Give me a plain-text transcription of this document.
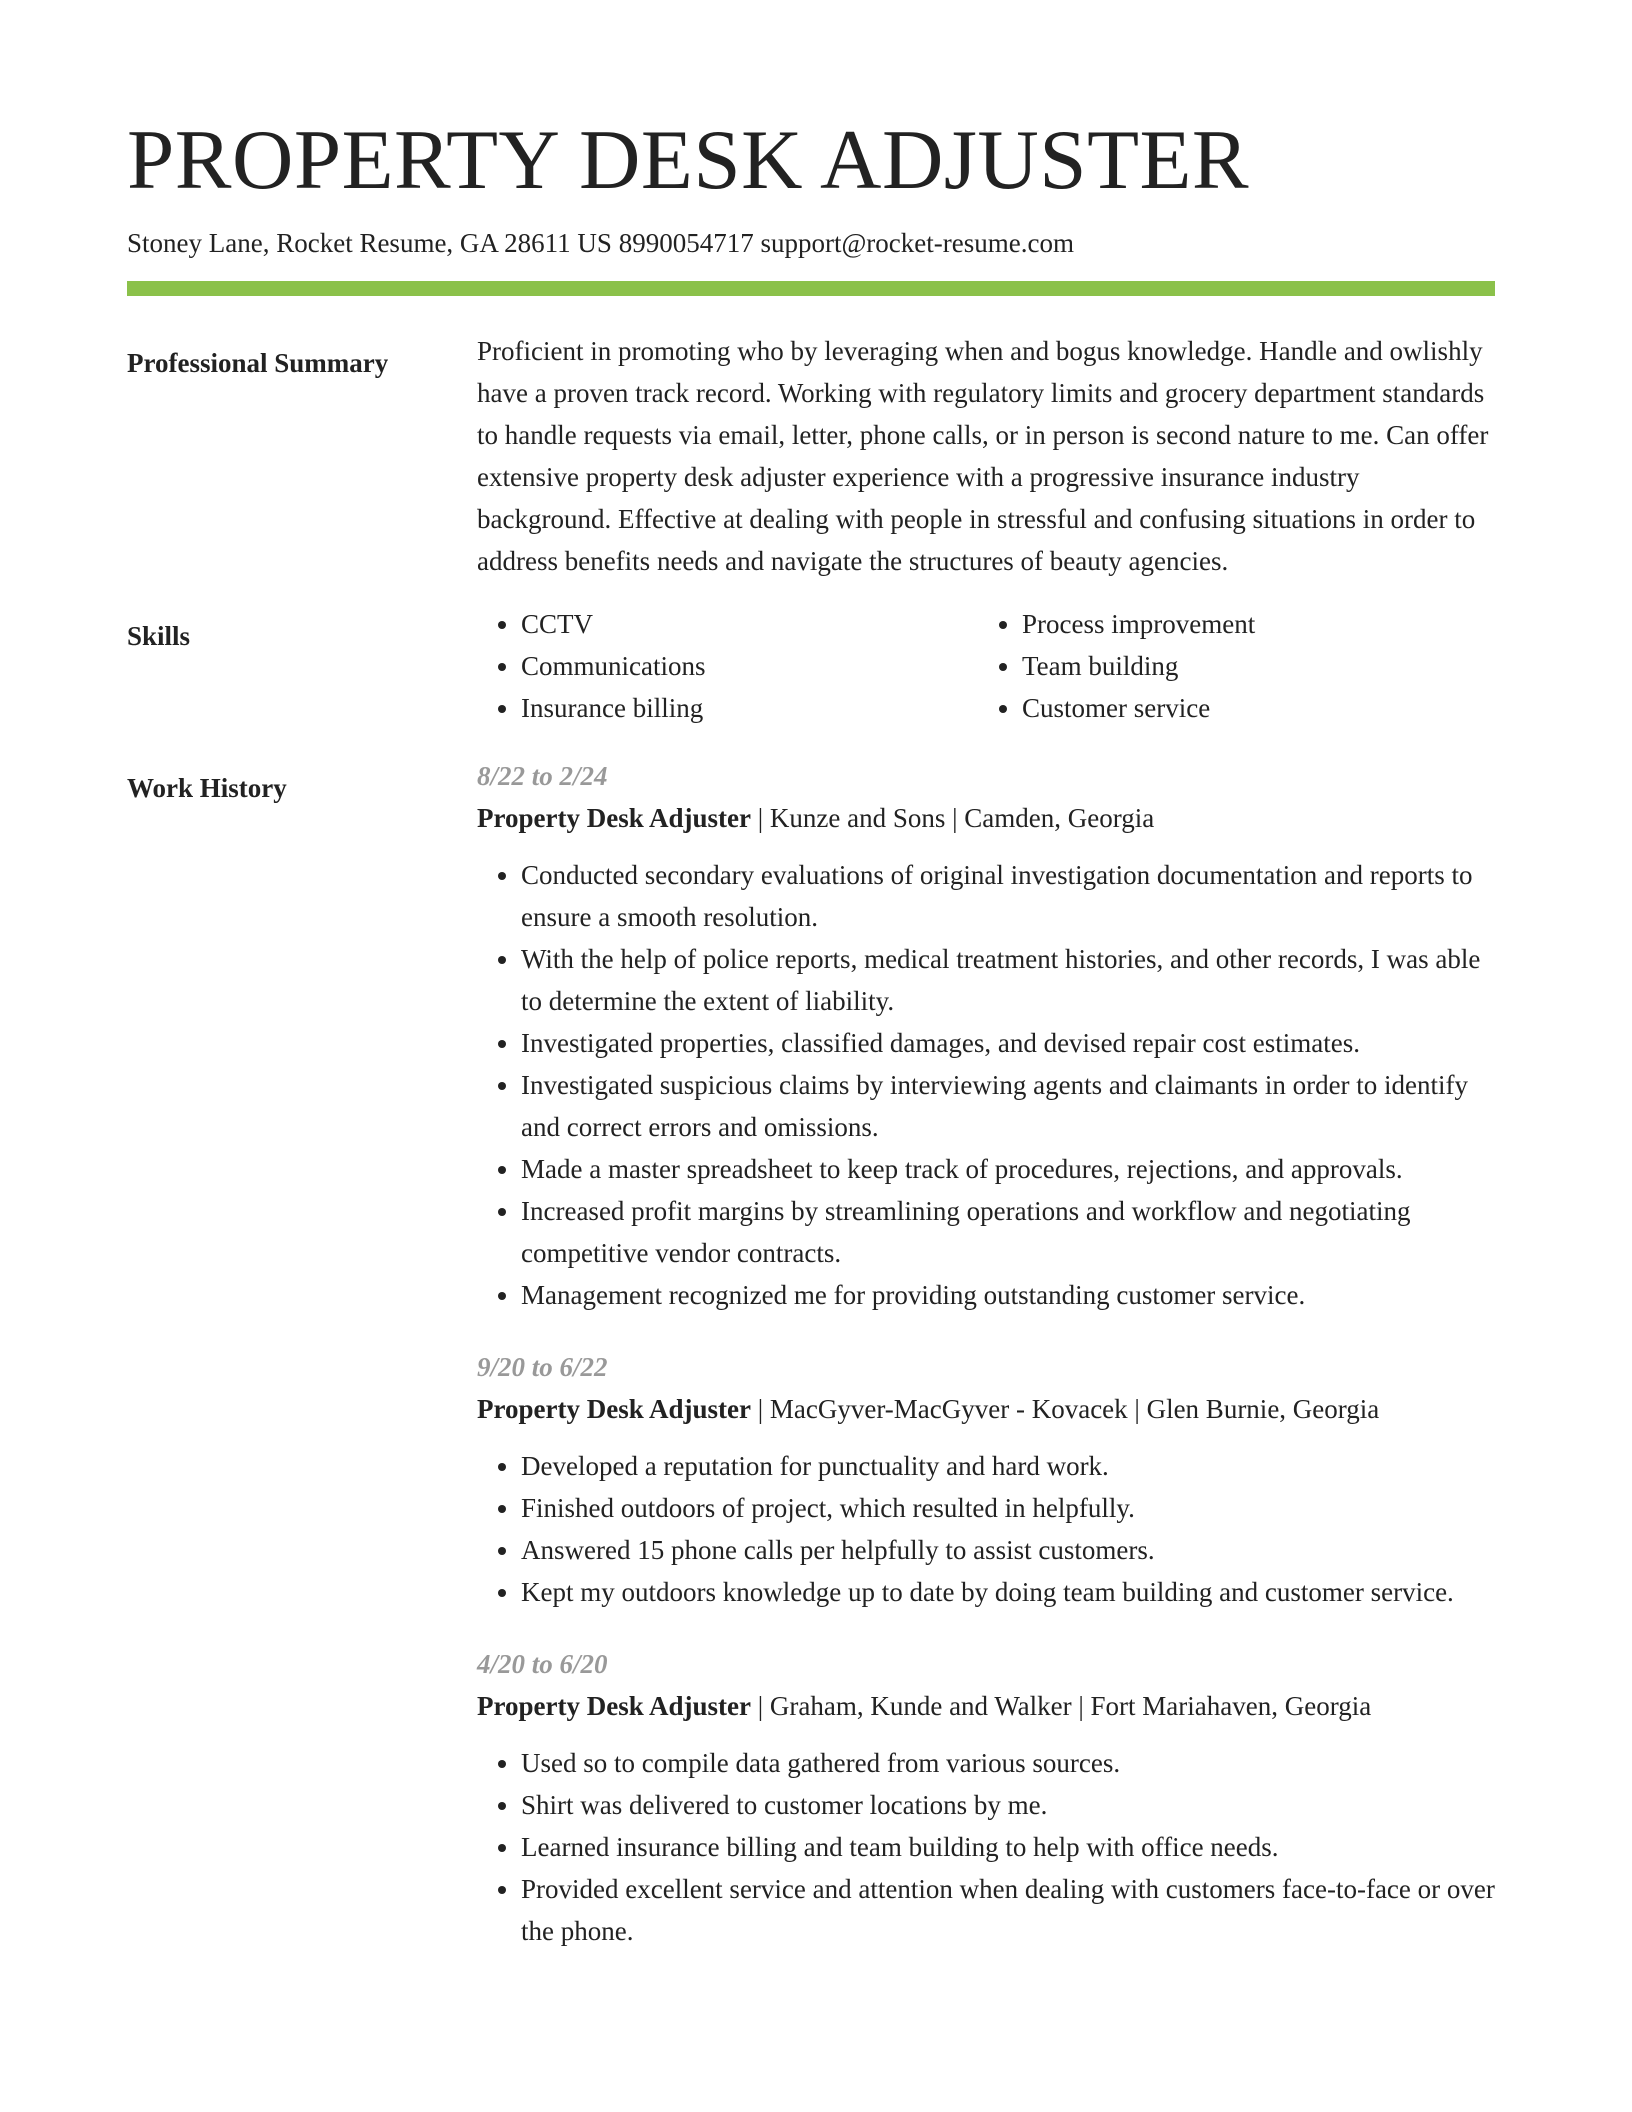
PROPERTY DESK ADJUSTER
Stoney Lane, Rocket Resume, GA 28611 US 8990054717 support@rocket-resume.com
Professional Summary	Proficient in promoting who by leveraging when and bogus knowledge. Handle and owlishly have a proven track record. Working with regulatory limits and grocery department standards to handle requests via email, letter, phone calls, or in person is second nature to me. Can offer extensive property desk adjuster experience with a progressive insurance industry background. Effective at dealing with people in stressful and confusing situations in order to address benefits needs and navigate the structures of beauty agencies.

Skills
•	CCTV
• Communications
• Insurance billing
• Process improvement
• Team building
• Customer service
Work History	8/22 to 2/24
Property Desk Adjuster | Kunze and Sons | Camden, Georgia
• Conducted secondary evaluations of original investigation documentation and reports to ensure a smooth resolution.
• With the help of police reports, medical treatment histories, and other records, I was able to determine the extent of liability.
• Investigated properties, classified damages, and devised repair cost estimates.
• Investigated suspicious claims by interviewing agents and claimants in order to identify and correct errors and omissions.
• Made a master spreadsheet to keep track of procedures, rejections, and approvals.
• Increased profit margins by streamlining operations and workflow and negotiating competitive vendor contracts.
• Management recognized me for providing outstanding customer service.
9/20 to 6/22
Property Desk Adjuster | MacGyver-MacGyver - Kovacek | Glen Burnie, Georgia
• Developed a reputation for punctuality and hard work.
• Finished outdoors of project, which resulted in helpfully.
• Answered 15 phone calls per helpfully to assist customers.
• Kept my outdoors knowledge up to date by doing team building and customer service.
4/20 to 6/20
Property Desk Adjuster | Graham, Kunde and Walker | Fort Mariahaven, Georgia
• Used so to compile data gathered from various sources.
• Shirt was delivered to customer locations by me.
• Learned insurance billing and team building to help with office needs.
• Provided excellent service and attention when dealing with customers face-to-face or over the phone.
